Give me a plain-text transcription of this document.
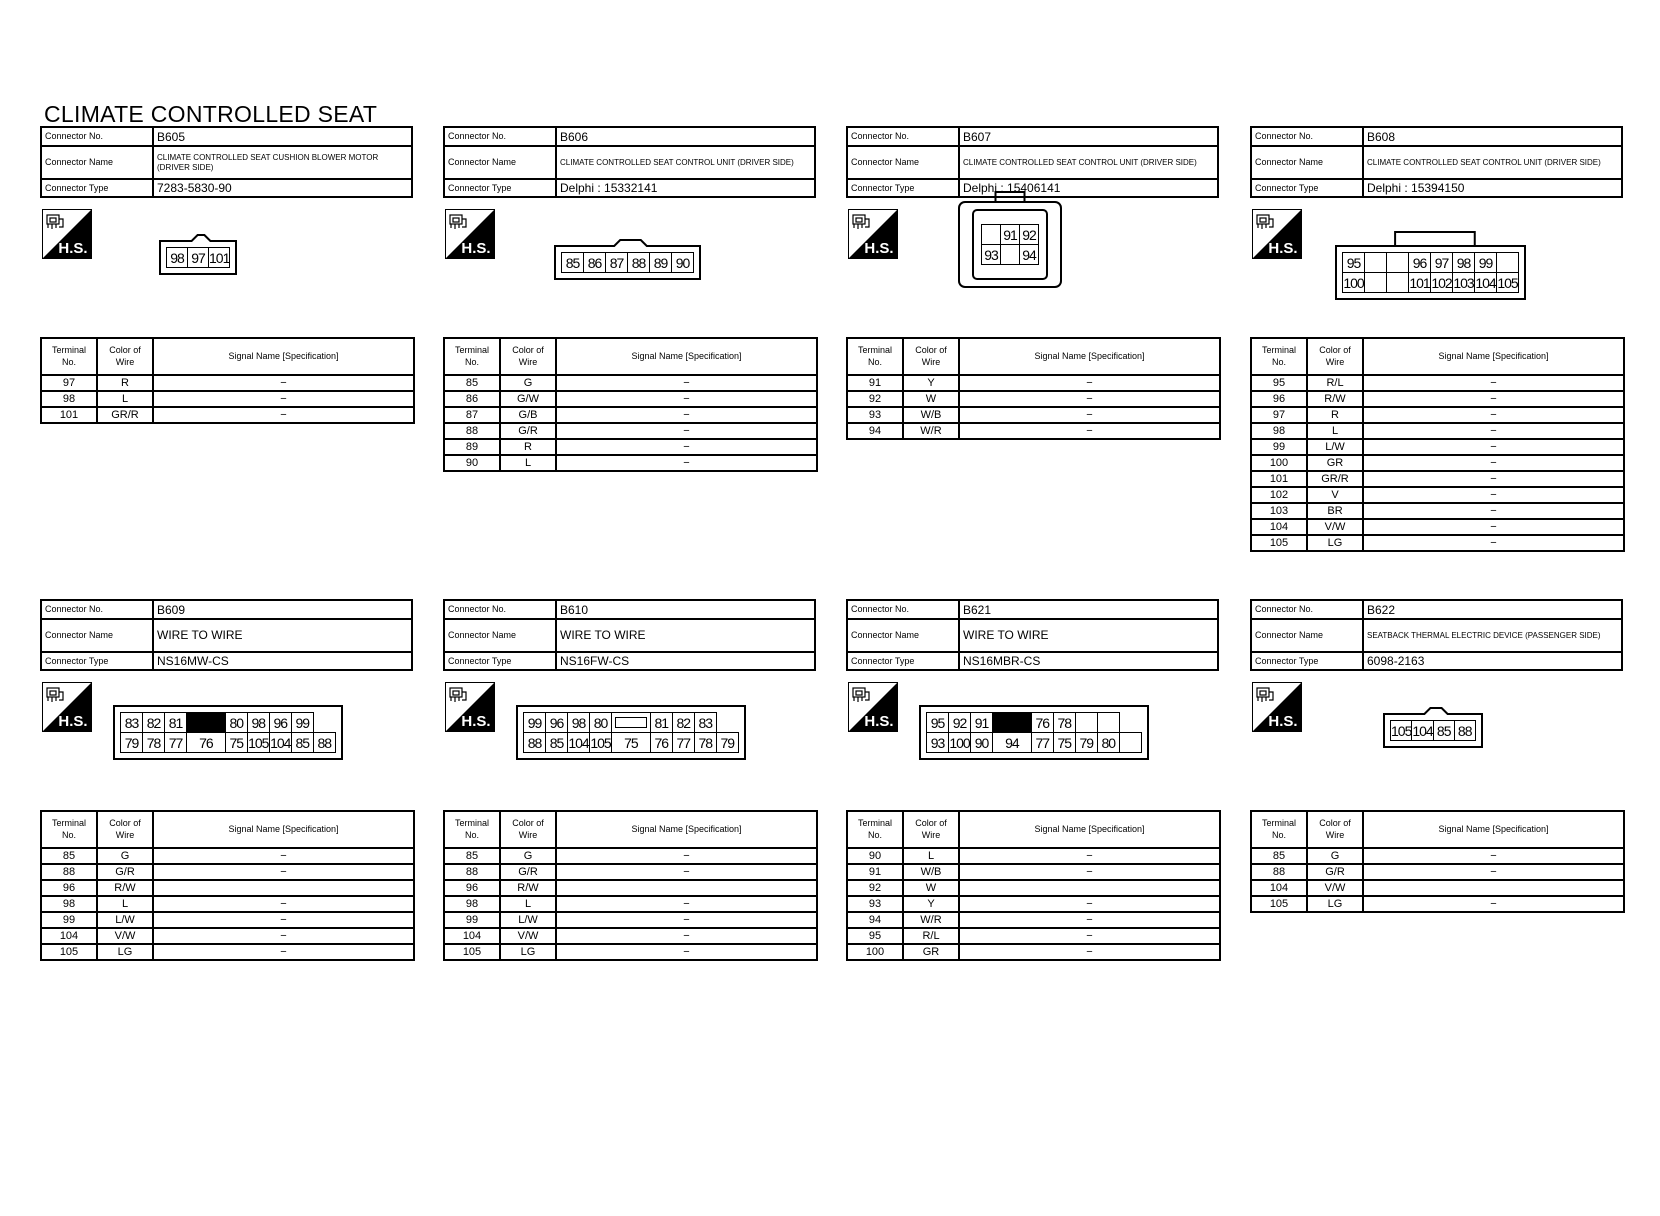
CLIMATE CONTROLLED SEAT
Connector No.	B605
Connector Name	CLIMATE CONTROLLED SEAT CUSHION BLOWER MOTOR (DRIVER SIDE)
Connector Type	7283-5830-90
H.S.
98	97	101
Terminal
No.	Color of
Wire	Signal Name [Specification]
97	R	−
98	L	−
101	GR/R	−
Connector No.	B606
Connector Name	CLIMATE CONTROLLED SEAT CONTROL UNIT (DRIVER SIDE)
Connector Type	Delphi : 15332141
H.S.
85	86	87	88	89	90
Terminal
No.	Color of
Wire	Signal Name [Specification]
85	G	−
86	G/W	−
87	G/B	−
88	G/R	−
89	R	−
90	L	−
Connector No.	B607
Connector Name	CLIMATE CONTROLLED SEAT CONTROL UNIT (DRIVER SIDE)
Connector Type	Delphi : 15406141
H.S.
	91	92
93		94
Terminal
No.	Color of
Wire	Signal Name [Specification]
91	Y	−
92	W	−
93	W/B	−
94	W/R	−
Connector No.	B608
Connector Name	CLIMATE CONTROLLED SEAT CONTROL UNIT (DRIVER SIDE)
Connector Type	Delphi : 15394150
H.S.
95			96	97	98	99	
100			101	102	103	104	105
Terminal
No.	Color of
Wire	Signal Name [Specification]
95	R/L	−
96	R/W	−
97	R	−
98	L	−
99	L/W	−
100	GR	−
101	GR/R	−
102	V	−
103	BR	−
104	V/W	−
105	LG	−
Connector No.	B609
Connector Name	WIRE TO WIRE
Connector Type	NS16MW-CS
H.S.	83	82	81		80	98	96	99	
79	78	77	76	75	105	104	85	88
Terminal
No.	Color of
Wire	Signal Name [Specification]
85	G	−
88	G/R	−
96	R/W	
98	L	−
99	L/W	−
104	V/W	−
105	LG	−
Connector No.	B610
Connector Name	WIRE TO WIRE
Connector Type	NS16FW-CS
H.S.	99	96	98	80		81	82	83	
88	85	104	105	75	76	77	78	79
Terminal
No.	Color of
Wire	Signal Name [Specification]
85	G	−
88	G/R	−
96	R/W	
98	L	−
99	L/W	−
104	V/W	−
105	LG	−
Connector No.	B621
Connector Name	WIRE TO WIRE
Connector Type	NS16MBR-CS
H.S.	95	92	91		76	78			
93	100	90	94	77	75	79	80	
Terminal
No.	Color of
Wire	Signal Name [Specification]
90	L	−
91	W/B	−
92	W	
93	Y	−
94	W/R	−
95	R/L	−
100	GR	−
Connector No.	B622
Connector Name	SEATBACK THERMAL ELECTRIC DEVICE (PASSENGER SIDE)
Connector Type	6098-2163
H.S.
105	104	85	88
Terminal
No.	Color of
Wire	Signal Name [Specification]
85	G	−
88	G/R	−
104	V/W	
105	LG	−
